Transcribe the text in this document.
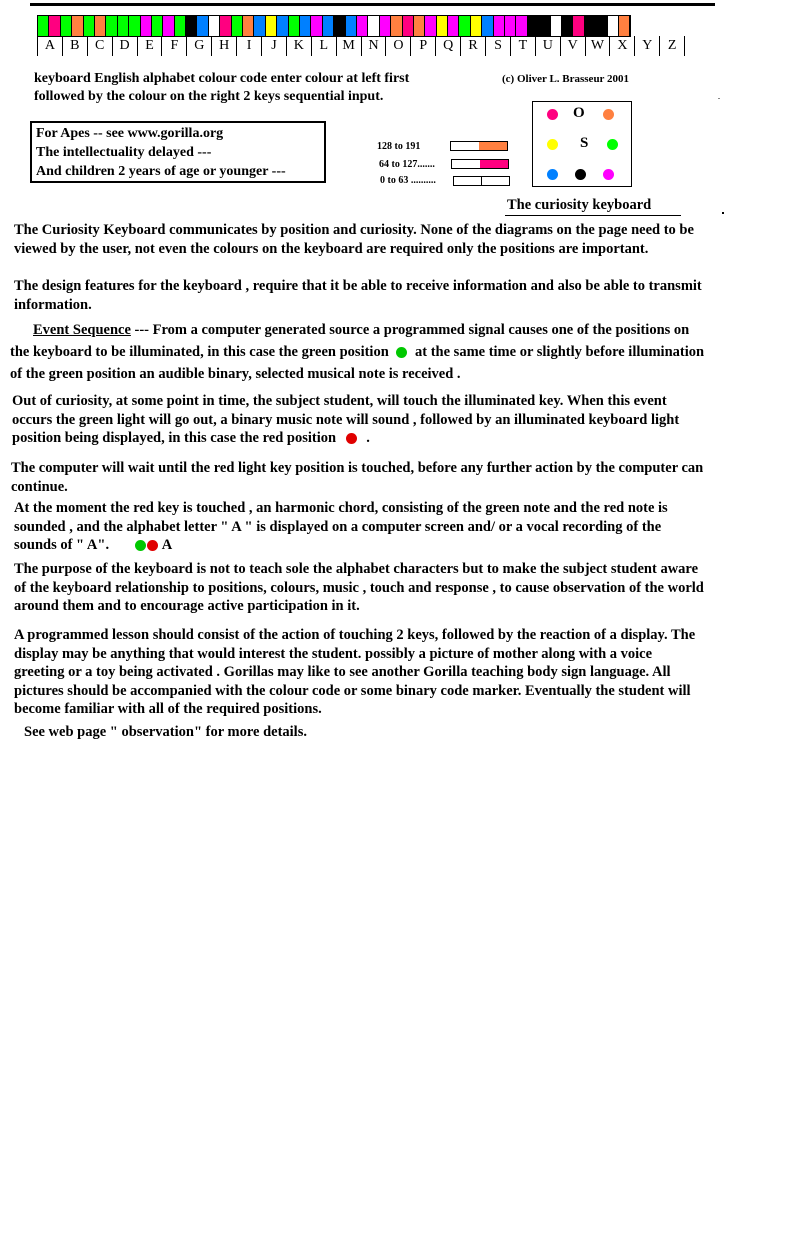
A	B	C	D	E	F	G	H	I	J	K	L	M N	O	P	Q	R	S	T	U	V W X	Y	Z
keyboard English alphabet colour code enter colour at left first
followed by the colour on the right 2 keys sequential input.
(c) Oliver L. Brasseur 2001
For Apes -- see www.gorilla.org
The intellectuality delayed ---
And children 2 years of age or younger ---
128 to 191
64 to 127.......
0 to 63 ..........
O
S
The curiosity keyboard
The Curiosity Keyboard communicates by position and curiosity. None of the diagrams on the page need to be viewed by the user, not even the colours on the keyboard are required only the positions are important.
The design features for the keyboard , require that it be able to receive information and also be able to transmit information.
Event Sequence --- From a computer generated source a programmed signal causes one of the positions on the keyboard to be illuminated, in this case the green position  at the same time or slightly before illumination of the green position an audible binary, selected musical note is received .
Out of curiosity, at some point in time, the subject student, will touch the illuminated key. When this event occurs the green light will go out, a binary music note will sound , followed by an illuminated keyboard light position being displayed, in this case the red position  .
The computer will wait until the red light key position is touched, before any further action by the computer can continue.
At the moment the red key is touched , an harmonic chord, consisting of the green note and the red note is sounded , and the alphabet letter " A " is displayed on a computer screen and/ or a vocal recording of the sounds of " A".	A
The purpose of the keyboard is not to teach sole the alphabet characters but to make the subject student aware of the keyboard relationship to positions, colours, music , touch and response , to cause observation of the world around them and to encourage active participation in it.
A programmed lesson should consist of the action of touching 2 keys, followed by the reaction of a display. The display may be anything that would interest the student. possibly a picture of mother along with a voice greeting or a toy being activated . Gorillas may like to see another Gorilla teaching body sign language. All pictures should be accompanied with the colour code or some binary code marker. Eventually the student will become familiar with all of the required positions.
See web page " observation" for more details.
